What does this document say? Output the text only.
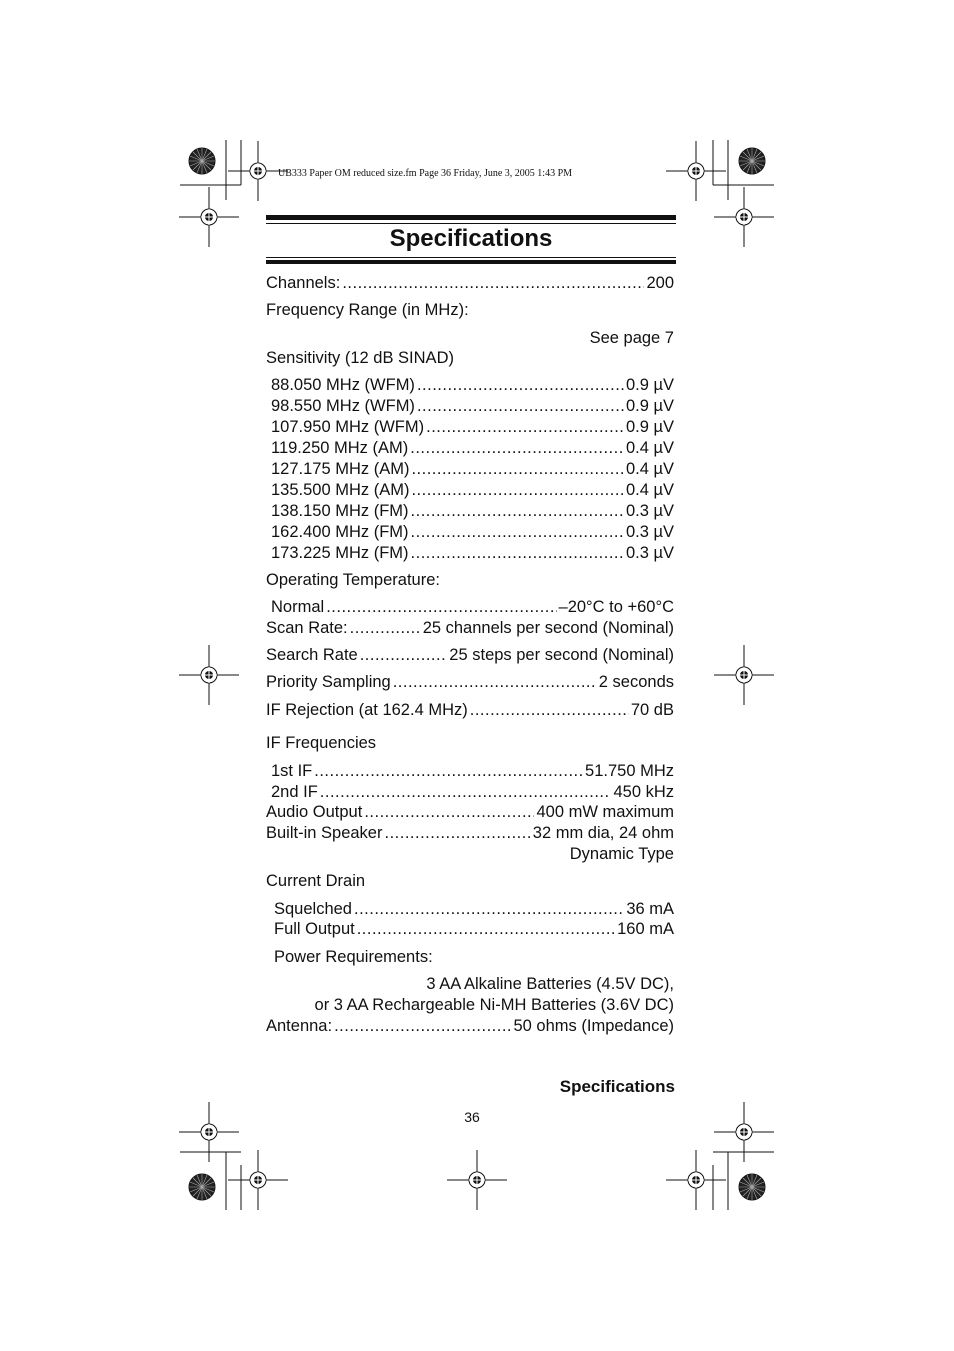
UB333 Paper OM reduced size.fm Page 36 Friday, June 3, 2005 1:43 PM
Specifications
Channels: .....	200
Frequency Range (in MHz):
See page 7
Sensitivity (12 dB SINAD)
88.050 MHz (WFM) .....	0.9 µV
98.550 MHz (WFM) .....	0.9 µV
107.950 MHz (WFM) .....	0.9 µV
119.250 MHz (AM) .....	0.4 µV
127.175 MHz (AM) .....	0.4 µV
135.500 MHz (AM) .....	0.4 µV
138.150 MHz (FM) .....	0.3 µV
162.400 MHz (FM) .....	0.3 µV
173.225 MHz (FM) .....	0.3 µV
Operating Temperature:
Normal .....	–20°C to +60°C
Scan Rate: .....	25 channels per second (Nominal)
Search Rate .....	25 steps per second (Nominal)
Priority Sampling .....	2 seconds
IF Rejection (at 162.4 MHz) .....	70 dB
IF Frequencies
1st IF .....	51.750 MHz
2nd IF .....	450 kHz
Audio Output .....	400 mW maximum
Built-in Speaker .....	32 mm dia, 24 ohm
Dynamic Type
Current Drain
Squelched .....	36 mA
Full Output .....	160 mA
Power Requirements:
3 AA Alkaline Batteries (4.5V DC),
or 3 AA Rechargeable Ni-MH Batteries (3.6V DC)
Antenna: .....	50 ohms (Impedance)
Specifications
36
